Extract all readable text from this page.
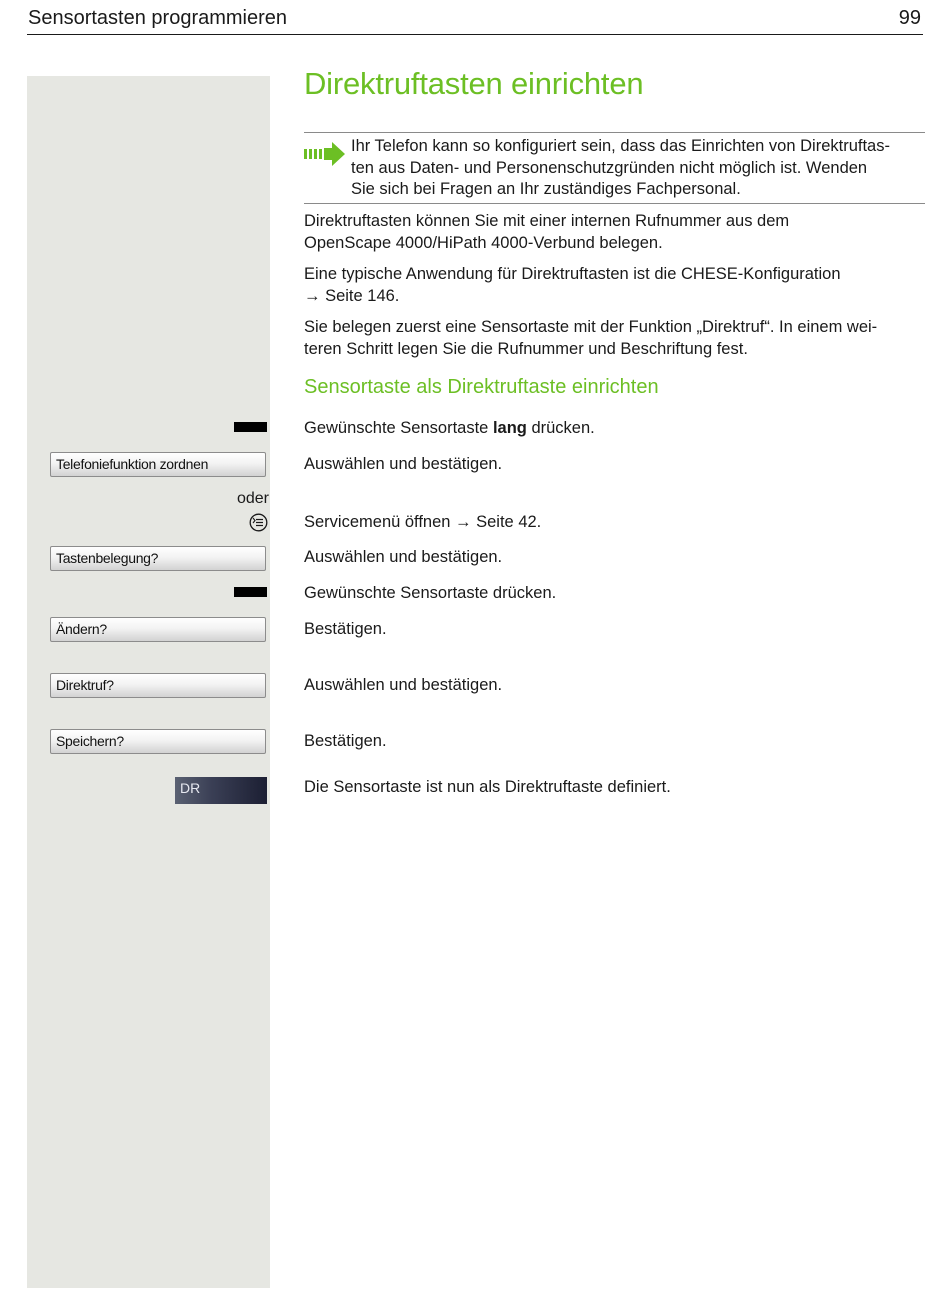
Sensortasten programmieren	99
Direktruftasten einrichten
Ihr Telefon kann so konfiguriert sein, dass das Einrichten von Direktruftas-
ten aus Daten- und Personenschutzgründen nicht möglich ist. Wenden
Sie sich bei Fragen an Ihr zuständiges Fachpersonal.
Direktruftasten können Sie mit einer internen Rufnummer aus dem
OpenScape 4000/HiPath 4000-Verbund belegen.
Eine typische Anwendung für Direktruftasten ist die CHESE-Konfiguration
→ Seite 146.
Sie belegen zuerst eine Sensortaste mit der Funktion „Direktruf“. In einem wei-
teren Schritt legen Sie die Rufnummer und Beschriftung fest.
Sensortaste als Direktruftaste einrichten
Gewünschte Sensortaste lang drücken.
Telefoniefunktion zordnen	Auswählen und bestätigen.
oder
Servicemenü öffnen → Seite 42.
Tastenbelegung?	Auswählen und bestätigen.
Gewünschte Sensortaste drücken.
Ändern?	Bestätigen.
Direktruf?	Auswählen und bestätigen.
Speichern?	Bestätigen.
DR	Die Sensortaste ist nun als Direktruftaste definiert.
